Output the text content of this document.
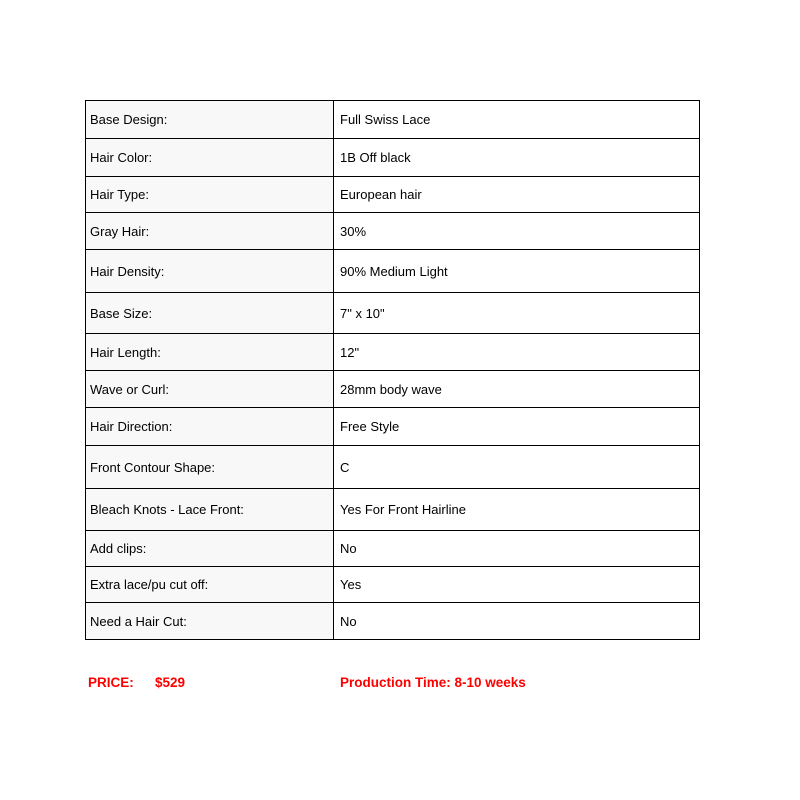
Base Design:	Full Swiss Lace
Hair Color:	1B Off black
Hair Type:	European hair
Gray Hair:	30%
Hair Density:	90% Medium Light
Base Size:	7" x 10"
Hair Length:	12"
Wave or Curl:	28mm body wave
Hair Direction:	Free Style
Front Contour Shape:	C
Bleach Knots - Lace Front:	Yes For Front Hairline
Add clips:	No
Extra lace/pu cut off:	Yes
Need a Hair Cut:	No
PRICE: $529	Production Time: 8-10 weeks
